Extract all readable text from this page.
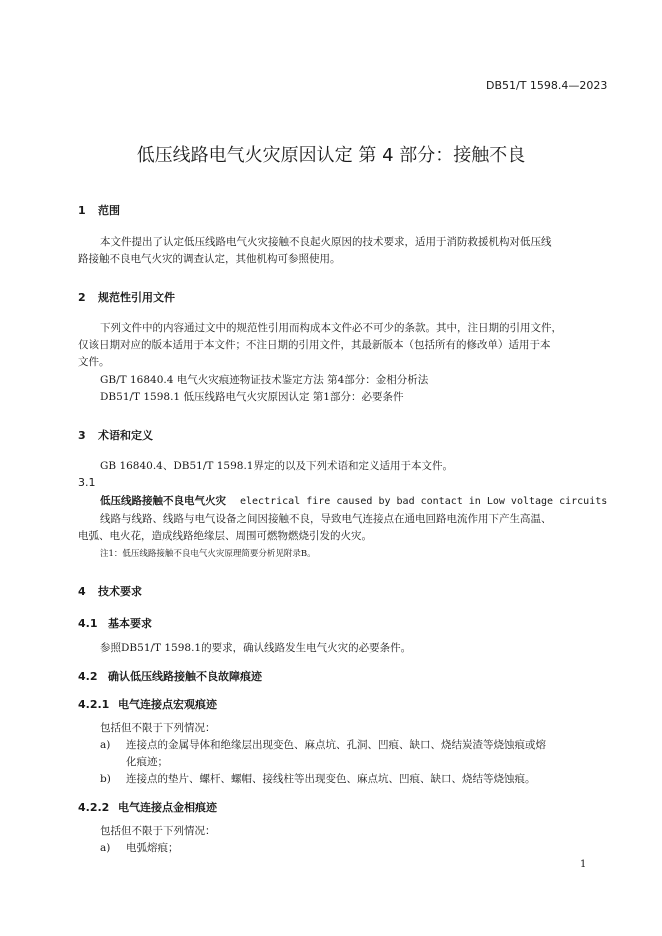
DB51/T 1598.4—2023
低压线路电气火灾原因认定 第 4 部分：接触不良
1 范围
本文件提出了认定低压线路电气火灾接触不良起火原因的技术要求，适用于消防救援机构对低压线
路接触不良电气火灾的调查认定，其他机构可参照使用。
2 规范性引用文件
下列文件中的内容通过文中的规范性引用而构成本文件必不可少的条款。其中，注日期的引用文件，
仅该日期对应的版本适用于本文件；不注日期的引用文件，其最新版本（包括所有的修改单）适用于本
文件。
GB/T 16840.4 电气火灾痕迹物证技术鉴定方法 第4部分：金相分析法
DB51/T 1598.1 低压线路电气火灾原因认定 第1部分：必要条件
3 术语和定义
GB 16840.4、DB51/T 1598.1界定的以及下列术语和定义适用于本文件。
3.1
低压线路接触不良电气火灾 electrical fire caused by bad contact in Low voltage circuits
线路与线路、线路与电气设备之间因接触不良，导致电气连接点在通电回路电流作用下产生高温、
电弧、电火花，造成线路绝缘层、周围可燃物燃烧引发的火灾。
注1：低压线路接触不良电气火灾原理简要分析见附录B。
4 技术要求
4.1 基本要求
参照DB51/T 1598.1的要求，确认线路发生电气火灾的必要条件。
4.2 确认低压线路接触不良故障痕迹
4.2.1 电气连接点宏观痕迹
包括但不限于下列情况：
a) 连接点的金属导体和绝缘层出现变色、麻点坑、孔洞、凹痕、缺口、烧结炭渣等烧蚀痕或熔
化痕迹；
b) 连接点的垫片、螺杆、螺帽、接线柱等出现变色、麻点坑、凹痕、缺口、烧结等烧蚀痕。
4.2.2 电气连接点金相痕迹
包括但不限于下列情况：
a) 电弧熔痕；
1
